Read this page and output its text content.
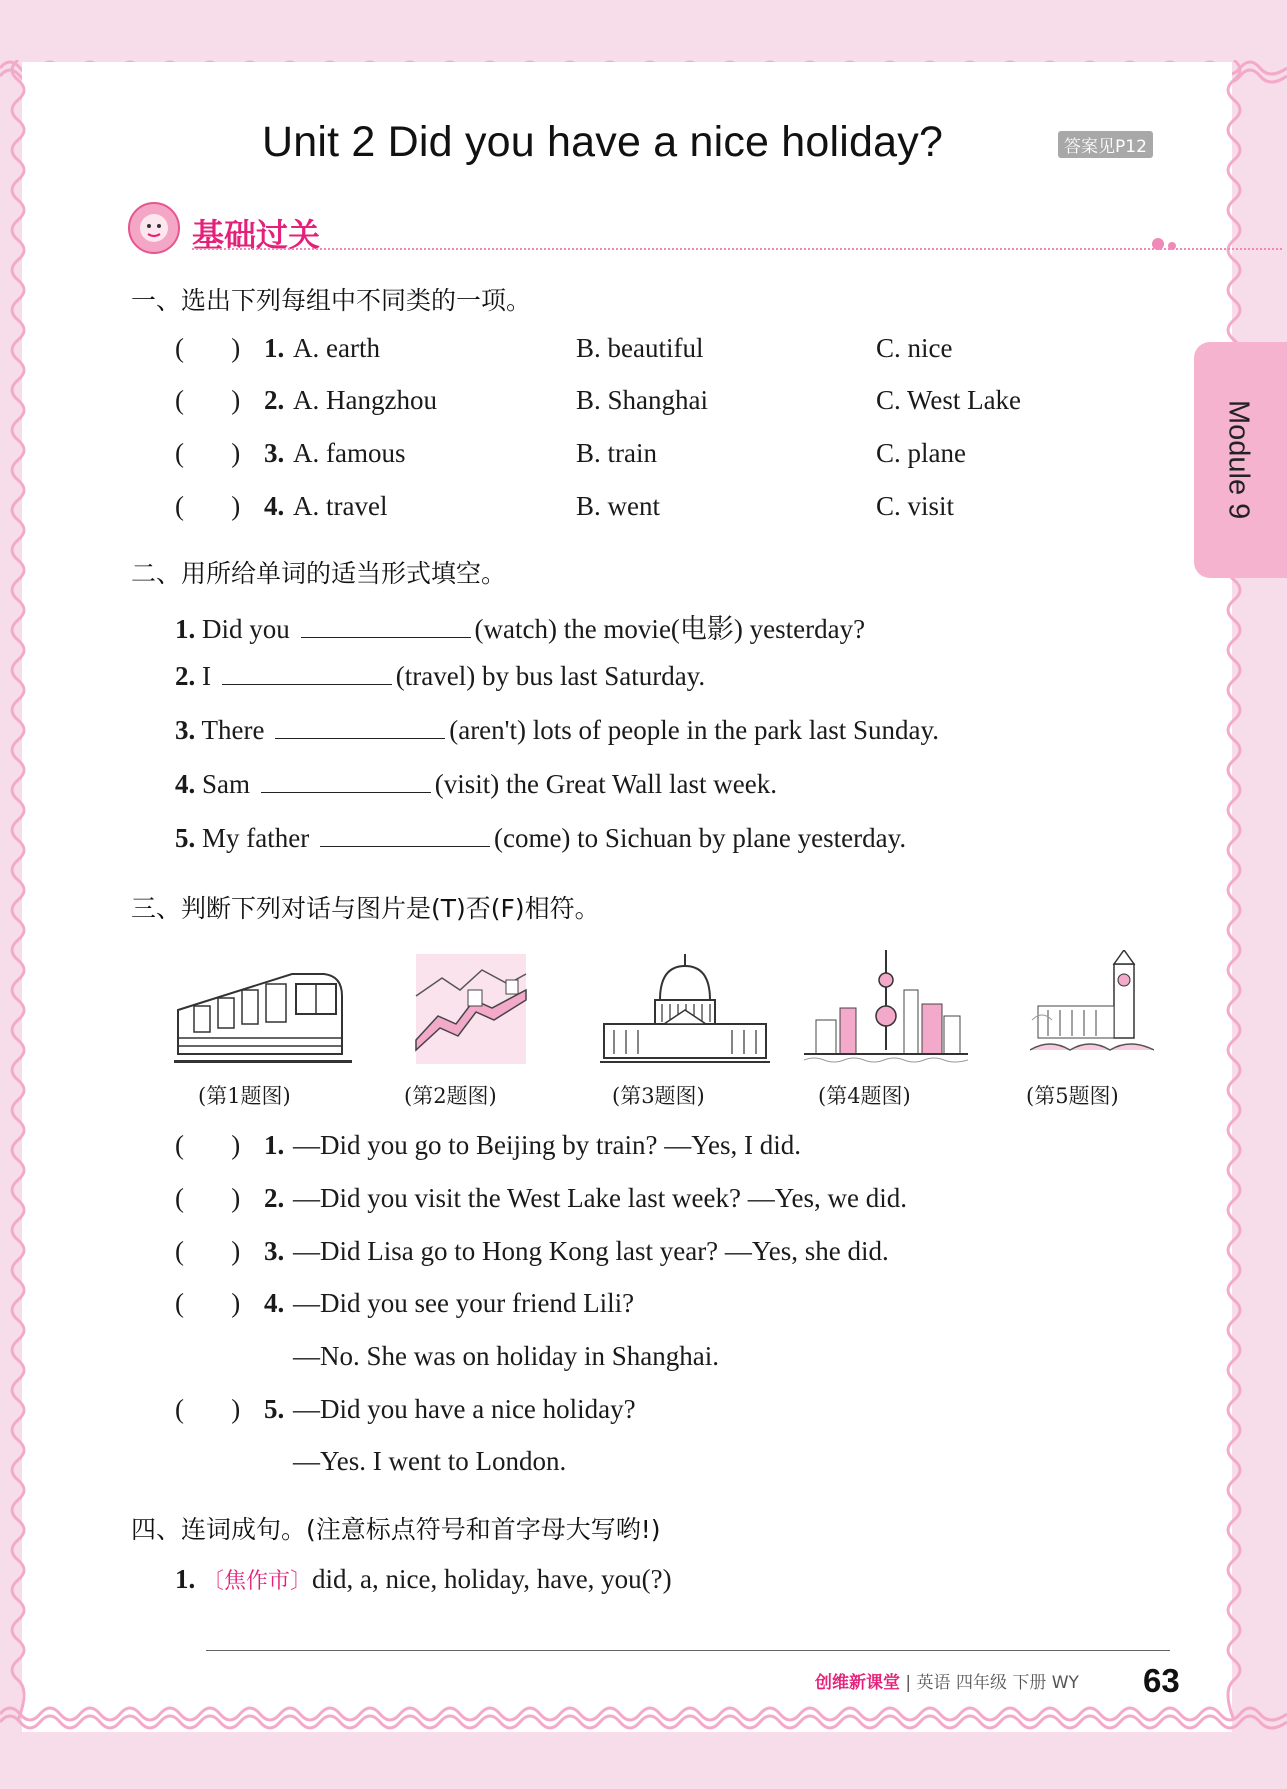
Module 9
Unit 2 Did you have a nice holiday?	答案见P12
基础过关
一、选出下列每组中不同类的一项。
(       ) 1. A. earth	B. beautiful	C. nice
(       ) 2. A. Hangzhou	B. Shanghai	C. West Lake
(       ) 3. A. famous	B. train	C. plane
(       ) 4. A. travel	B. went	C. visit
二、用所给单词的适当形式填空。
1. Did you	(watch) the movie(电影) yesterday?
2. I	(travel) by bus last Saturday.
3. There	(aren't) lots of people in the park last Sunday.
4. Sam	(visit) the Great Wall last week.
5. My father	(come) to Sichuan by plane yesterday.
三、判断下列对话与图片是(T)否(F)相符。
(第1题图)	(第2题图)	(第3题图)	(第4题图)	(第5题图)
(       ) 1. —Did you go to Beijing by train? —Yes, I did.
(       ) 2. —Did you visit the West Lake last week? —Yes, we did.
(       ) 3. —Did Lisa go to Hong Kong last year? —Yes, she did.
(       ) 4. —Did you see your friend Lili?
—No. She was on holiday in Shanghai.
(       ) 5. —Did you have a nice holiday?
—Yes. I went to London.
四、连词成句。(注意标点符号和首字母大写哟!)
1. 〔焦作市〕did, a, nice, holiday, have, you(?)
创维新课堂 | 英语 四年级 下册 WY 63
